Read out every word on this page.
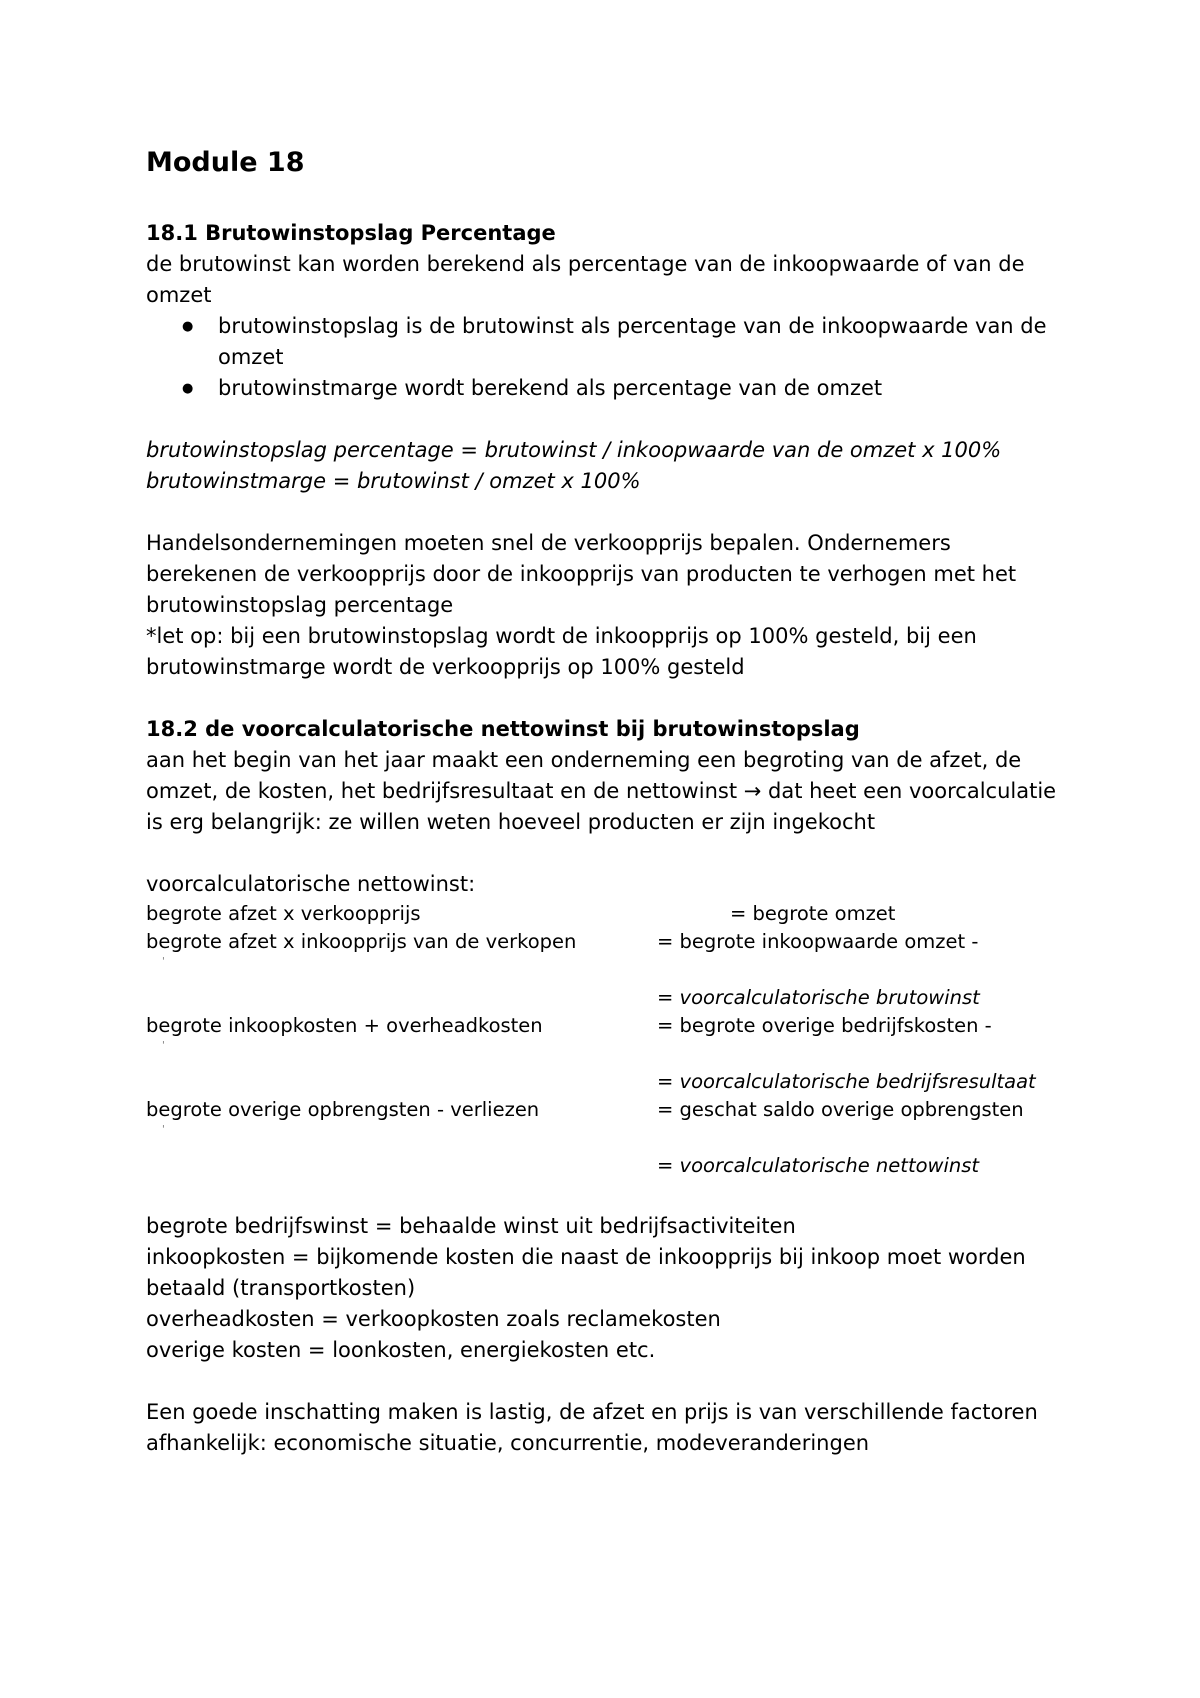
Module 18
18.1 Brutowinstopslag Percentage

de brutowinst kan worden berekend als percentage van de inkoopwaarde of van de omzet

● brutowinstopslag is de brutowinst als percentage van de inkoopwaarde van de omzet
● brutowinstmarge wordt berekend als percentage van de omzet

brutowinstopslag percentage = brutowinst / inkoopwaarde van de omzet x 100%

brutowinstmarge = brutowinst / omzet x 100%

Handelsondernemingen moeten snel de verkoopprijs bepalen. Ondernemers berekenen de verkoopprijs door de inkoopprijs van producten te verhogen met het brutowinstopslag percentage

*let op: bij een brutowinstopslag wordt de inkoopprijs op 100% gesteld, bij een brutowinstmarge wordt de verkoopprijs op 100% gesteld

18.2 de voorcalculatorische nettowinst bij brutowinstopslag

aan het begin van het jaar maakt een onderneming een begroting van de afzet, de omzet, de kosten, het bedrijfsresultaat en de nettowinst → dat heet een voorcalculatie

is erg belangrijk: ze willen weten hoeveel producten er zijn ingekocht

voorcalculatorische nettowinst:

begrote afzet x verkoopprijs	= begrote omzet
begrote afzet x inkoopprijs van de verkopen	= begrote inkoopwaarde omzet -
'
= voorcalculatorische brutowinst
begrote inkoopkosten + overheadkosten	= begrote overige bedrijfskosten -
'
= voorcalculatorische bedrijfsresultaat
begrote overige opbrengsten - verliezen	= geschat saldo overige opbrengsten
'
= voorcalculatorische nettowinst

begrote bedrijfswinst = behaalde winst uit bedrijfsactiviteiten

inkoopkosten = bijkomende kosten die naast de inkoopprijs bij inkoop moet worden betaald (transportkosten)

overheadkosten = verkoopkosten zoals reclamekosten

overige kosten = loonkosten, energiekosten etc.

Een goede inschatting maken is lastig, de afzet en prijs is van verschillende factoren afhankelijk: economische situatie, concurrentie, modeveranderingen
